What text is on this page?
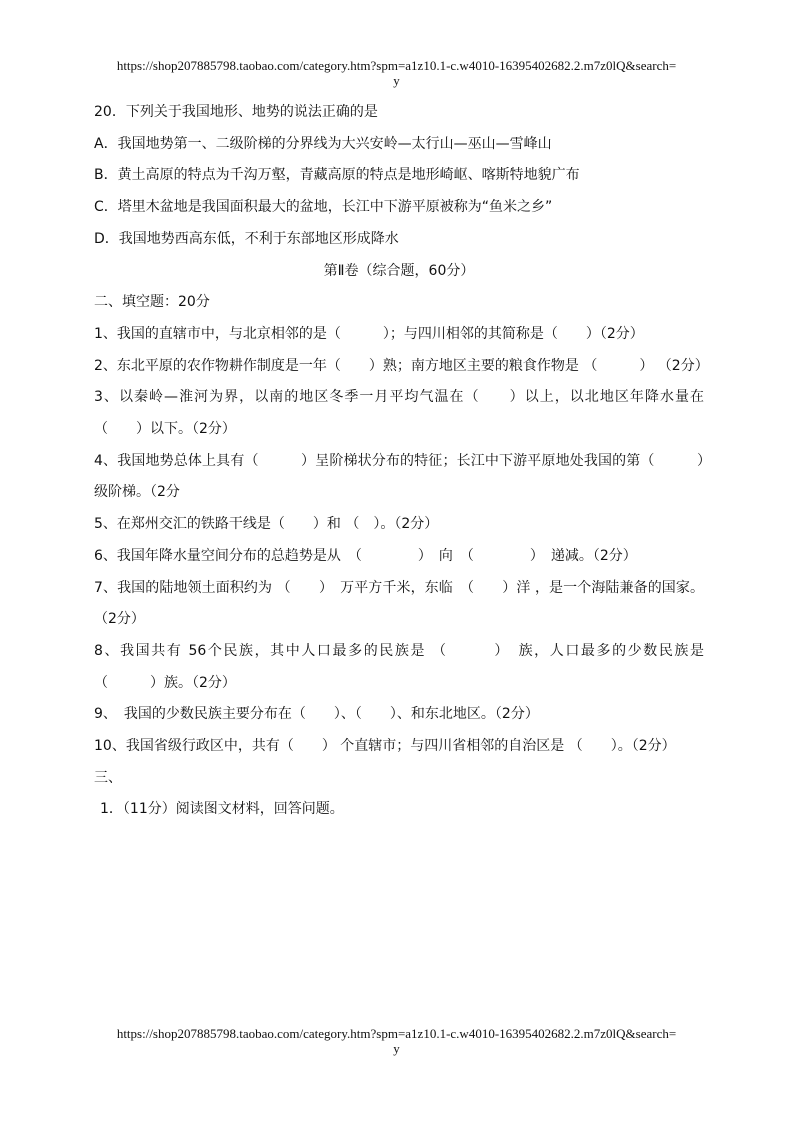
https://shop207885798.taobao.com/category.htm?spm=a1z10.1-c.w4010-16395402682.2.m7z0lQ&search=
y
20．下列关于我国地形、地势的说法正确的是
A．我国地势第一、二级阶梯的分界线为大兴安岭—太行山—巫山—雪峰山
B．黄土高原的特点为千沟万壑，青藏高原的特点是地形崎岖、喀斯特地貌广布
C．塔里木盆地是我国面积最大的盆地，长江中下游平原被称为“鱼米之乡”
D．我国地势西高东低，不利于东部地区形成降水
第Ⅱ卷（综合题，60分）
二、填空题：20分
1、我国的直辖市中，与北京相邻的是（　　　）；与四川相邻的其简称是（　　）（2分）
2、东北平原的农作物耕作制度是一年（　　）熟；南方地区主要的粮食作物是 （　　　） （2分）
3、以秦岭—淮河为界，以南的地区冬季一月平均气温在（　　）以上，以北地区年降水量在（　　）以下。（2分）
4、我国地势总体上具有（　　　）呈阶梯状分布的特征；长江中下游平原地处我国的第（　　　）级阶梯。（2分
5、在郑州交汇的铁路干线是（　　）和 （　）。（2分）
6、我国年降水量空间分布的总趋势是从　（　　　　）　向　（　　　　）　递减。（2分）
7、我国的陆地领土面积约为 （　　）　万平方千米，东临　（　　）洋 ，是一个海陆兼备的国家。（2分）
8、我国共有 56个民族，其中人口最多的民族是 （　　　）　族，人口最多的少数民族是 （　　　）族。（2分）
9、　我国的少数民族主要分布在（　　）、（　　）、和东北地区。（2分）
10、我国省级行政区中，共有（　　） 个直辖市；与四川省相邻的自治区是 （　　）。（2分）
三、
1．（11分）阅读图文材料，回答问题。
https://shop207885798.taobao.com/category.htm?spm=a1z10.1-c.w4010-16395402682.2.m7z0lQ&search=
y
